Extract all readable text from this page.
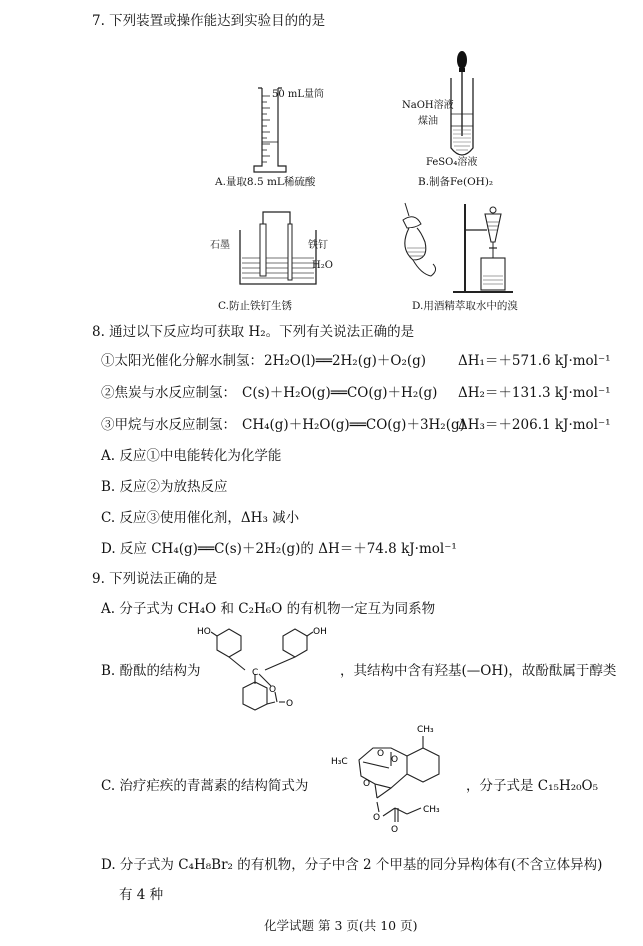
7. 下列装置或操作能达到实验目的的是
50 mL量筒
A.量取8.5 mL稀硫酸
NaOH溶液
煤油
FeSO₄溶液
B.制备Fe(OH)₂
石墨	铁钉
H₂O
C.防止铁钉生锈	D.用酒精萃取水中的溴
8. 通过以下反应均可获取 H₂。下列有关说法正确的是
①太阳光催化分解水制氢： 2H₂O(l)══2H₂(g)＋O₂(g) ΔH₁＝＋571.6 kJ·mol⁻¹
②焦炭与水反应制氢： C(s)＋H₂O(g)══CO(g)＋H₂(g) ΔH₂＝＋131.3 kJ·mol⁻¹
③甲烷与水反应制氢： CH₄(g)＋H₂O(g)══CO(g)＋3H₂(g)
ΔH₃＝＋206.1 kJ·mol⁻¹
A. 反应①中电能转化为化学能
B. 反应②为放热反应
C. 反应③使用催化剂，ΔH₃ 减小
D. 反应 CH₄(g)══C(s)＋2H₂(g)的 ΔH＝＋74.8 kJ·mol⁻¹
9. 下列说法正确的是
A. 分子式为 CH₄O 和 C₂H₆O 的有机物一定互为同系物
B. 酚酞的结构为
HO	OH
C
O
O
，其结构中含有羟基(—OH)，故酚酞属于醇类
C. 治疗疟疾的青蒿素的结构简式为
CH₃
H₃C
O
O
O
O
O
CH₃
，分子式是 C₁₅H₂₀O₅
D. 分子式为 C₄H₈Br₂ 的有机物，分子中含 2 个甲基的同分异构体有(不含立体异构)
有 4 种
化学试题 第 3 页(共 10 页)
